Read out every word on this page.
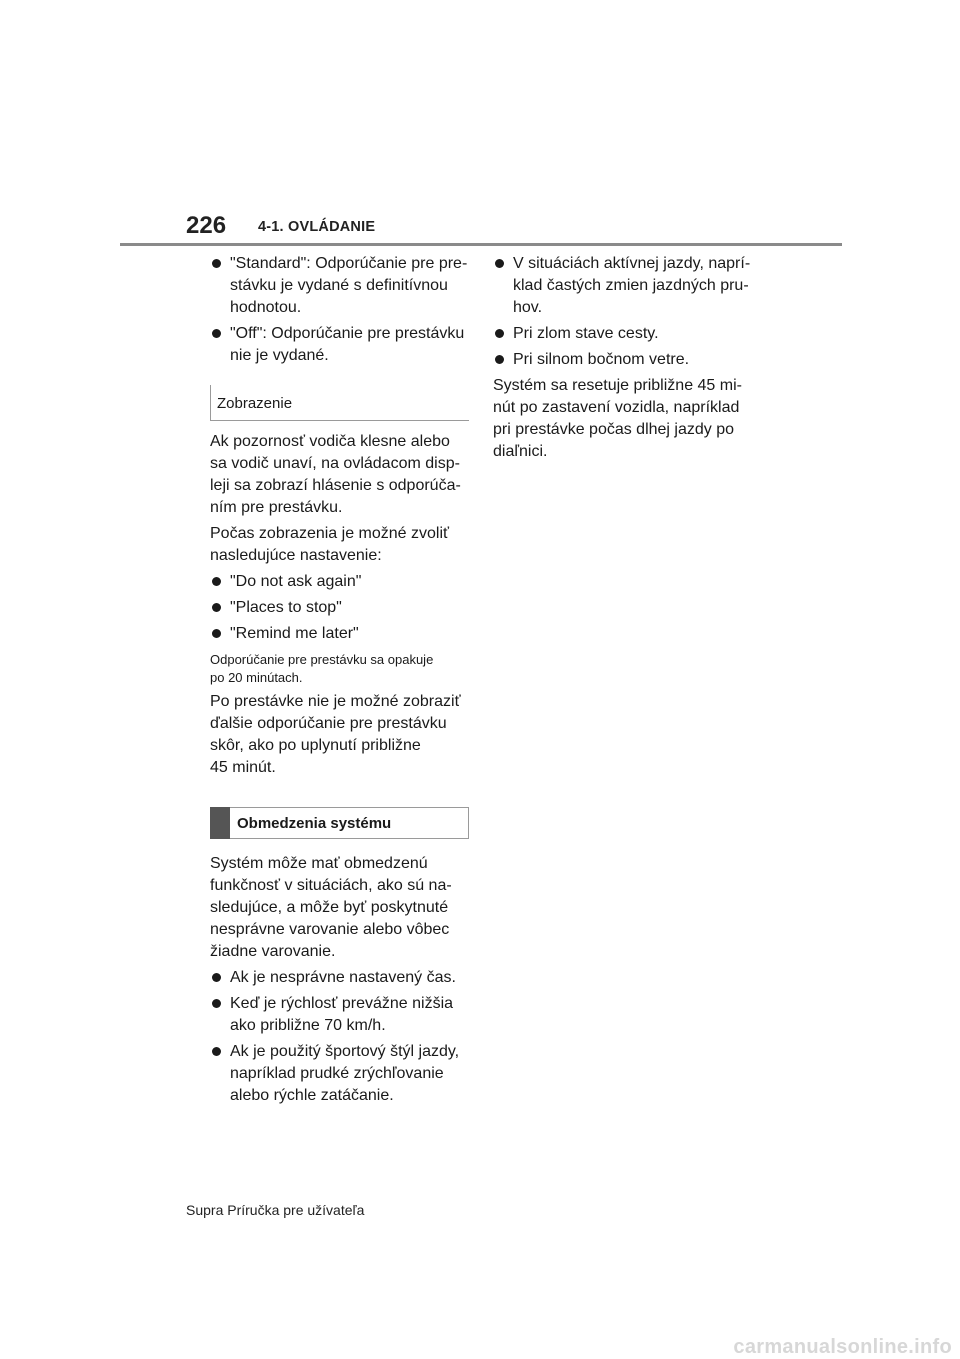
226 4-1. OVLÁDANIE
"Standard": Odporúčanie pre pre-
stávku je vydané s definitívnou
hodnotou.
"Off": Odporúčanie pre prestávku
nie je vydané.
Zobrazenie
Ak pozornosť vodiča klesne alebo
sa vodič unaví, na ovládacom disp-
leji sa zobrazí hlásenie s odporúča-
ním pre prestávku.
Počas zobrazenia je možné zvoliť
nasledujúce nastavenie:
"Do not ask again"
"Places to stop"
"Remind me later"
Odporúčanie pre prestávku sa opakuje
po 20 minútach.
Po prestávke nie je možné zobraziť
ďalšie odporúčanie pre prestávku
skôr, ako po uplynutí približne
45 minút.
Obmedzenia systému
Systém môže mať obmedzenú
funkčnosť v situáciách, ako sú na-
sledujúce, a môže byť poskytnuté
nesprávne varovanie alebo vôbec
žiadne varovanie.
Ak je nesprávne nastavený čas.
Keď je rýchlosť prevážne nižšia
ako približne 70 km/h.
Ak je použitý športový štýl jazdy,
napríklad prudké zrýchľovanie
alebo rýchle zatáčanie.
V situáciách aktívnej jazdy, naprí-
klad častých zmien jazdných pru-
hov.
Pri zlom stave cesty.
Pri silnom bočnom vetre.
Systém sa resetuje približne 45 mi-
nút po zastavení vozidla, napríklad
pri prestávke počas dlhej jazdy po
diaľnici.
Supra Príručka pre užívateľa
carmanualsonline.info
